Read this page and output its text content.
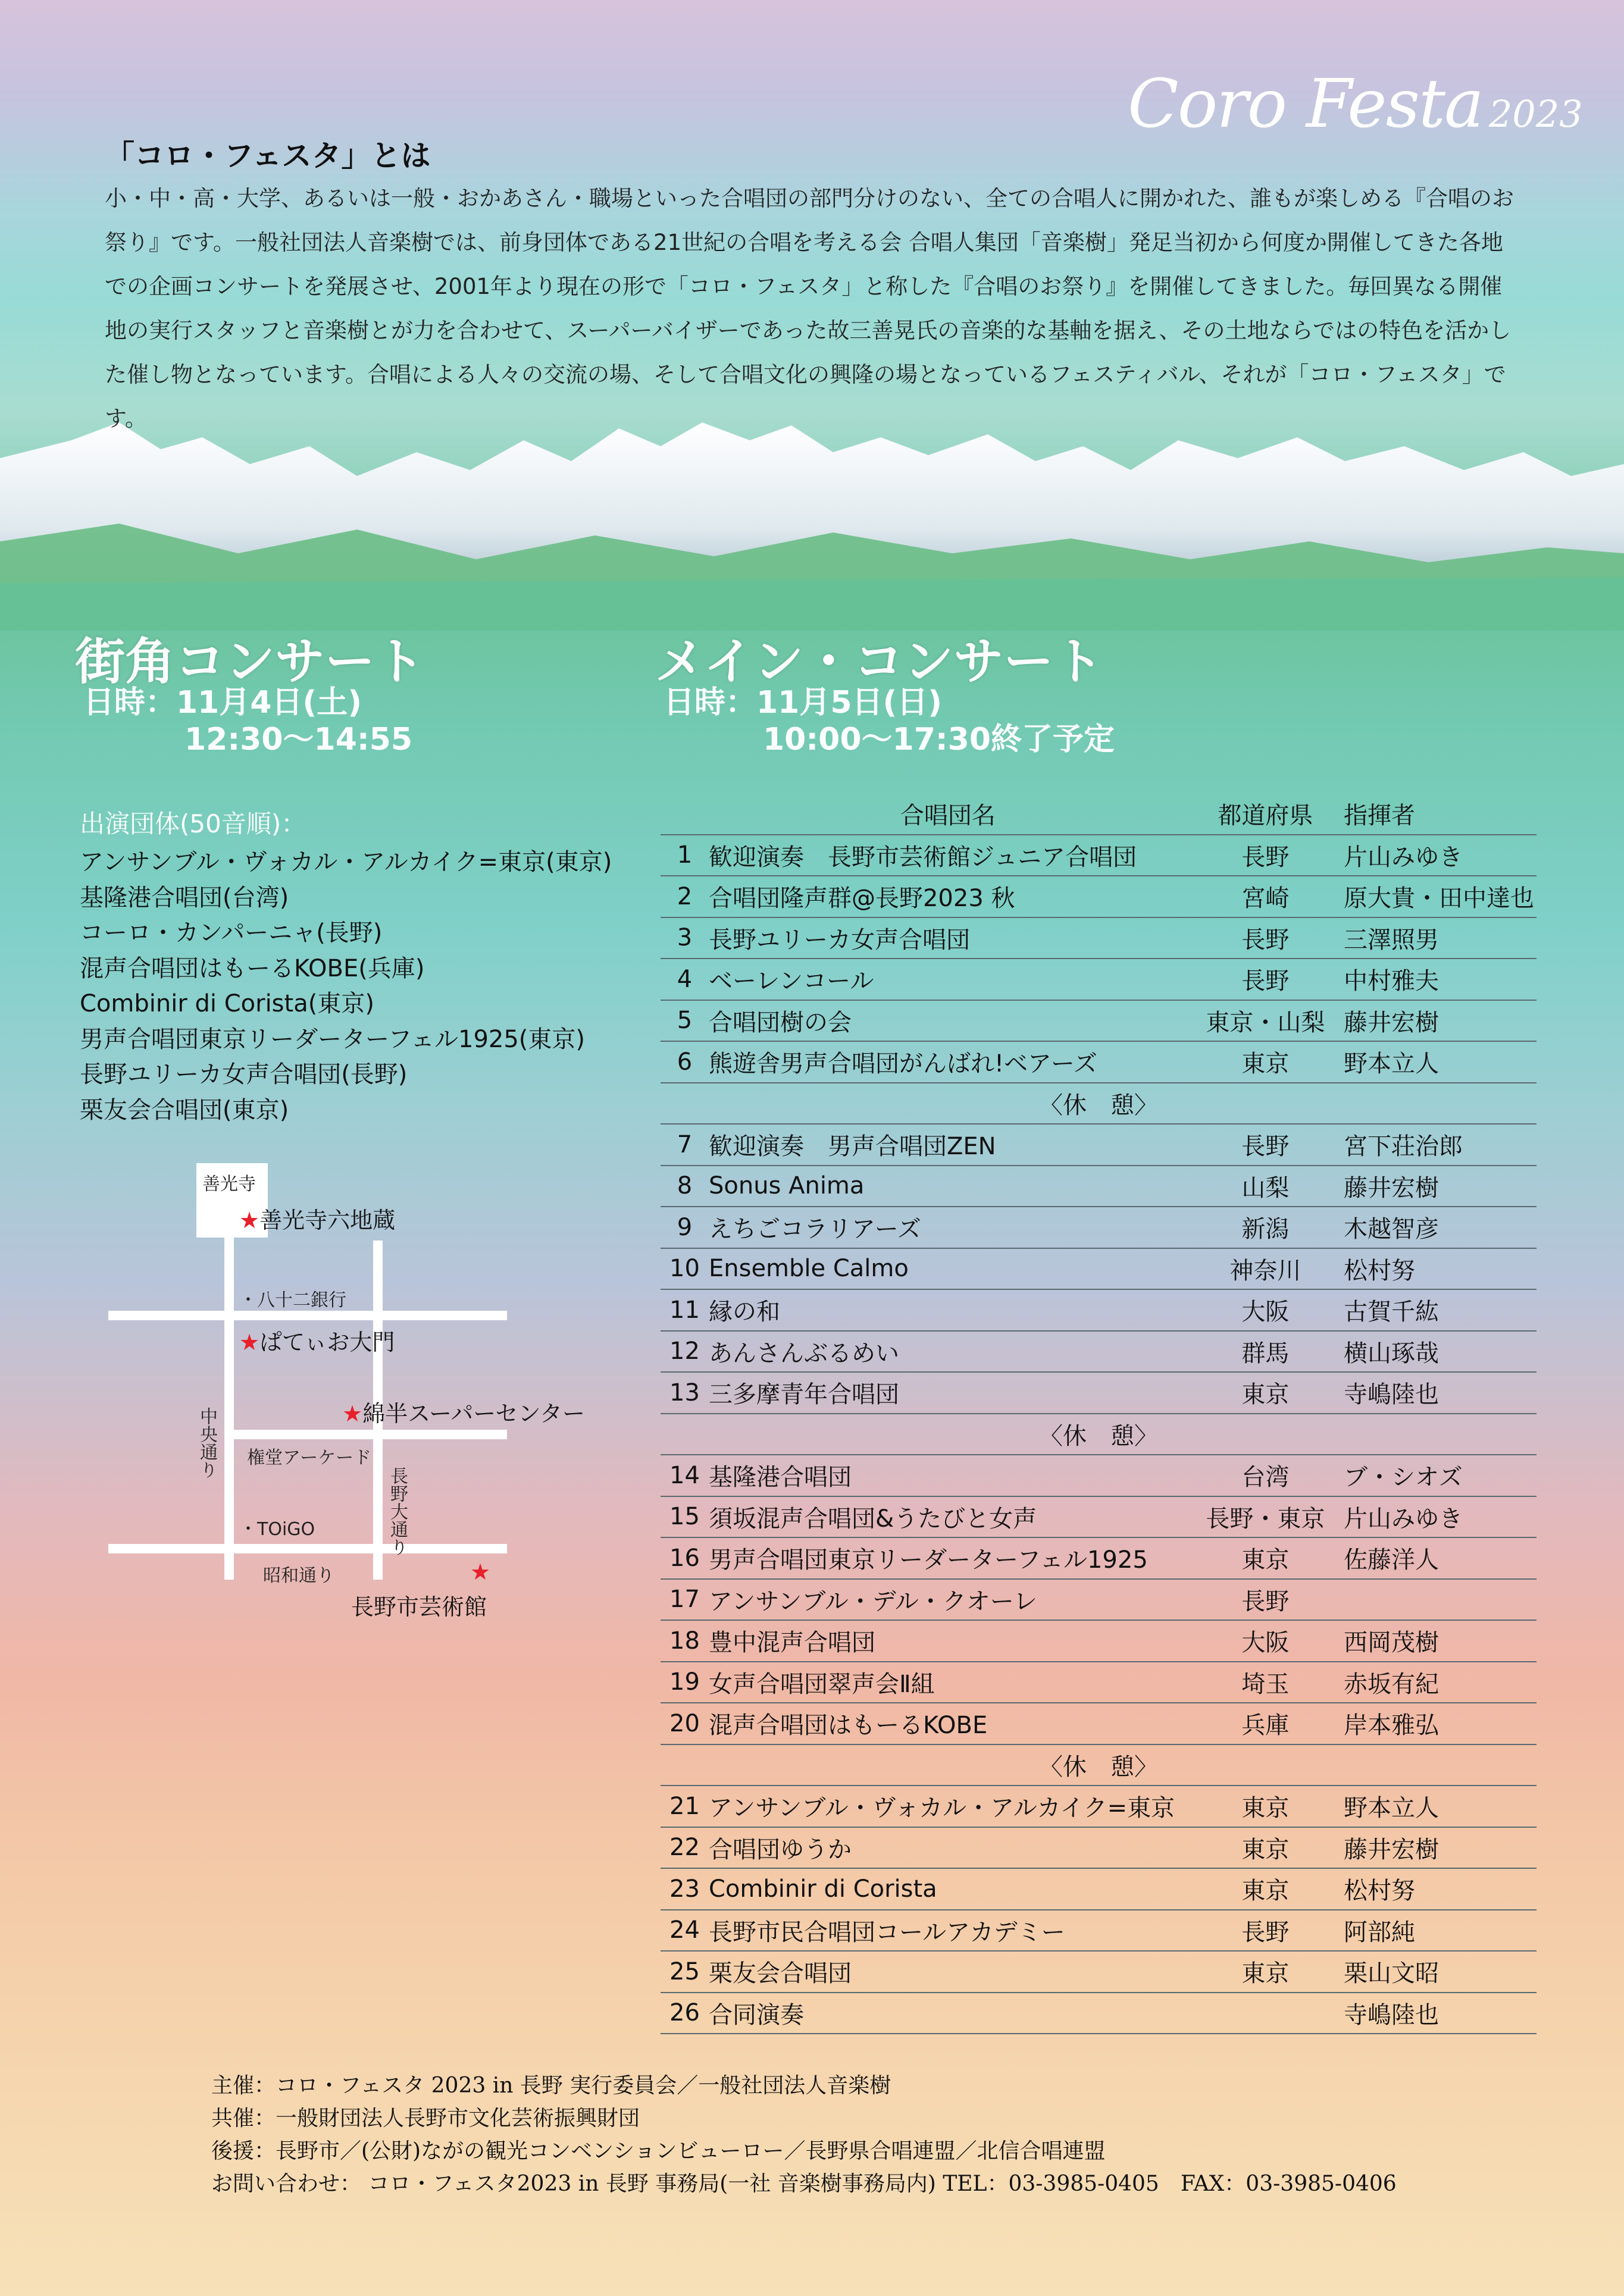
Coro Festa 2023
「コロ・フェスタ」とは

小・中・高・大学、あるいは一般・おかあさん・職場といった合唱団の部門分けのない、全ての合唱人に開かれた、誰もが楽しめる『合唱のお祭り』です。一般社団法人音楽樹では、前身団体である21世紀の合唱を考える会 合唱人集団「音楽樹」発足当初から何度か開催してきた各地での企画コンサートを発展させ、2001年より現在の形で「コロ・フェスタ」と称した『合唱のお祭り』を開催してきました。毎回異なる開催地の実行スタッフと音楽樹とが力を合わせて、スーパーバイザーであった故三善晃氏の音楽的な基軸を据え、その土地ならではの特色を活かした催し物となっています。合唱による人々の交流の場、そして合唱文化の興隆の場となっているフェスティバル、それが「コロ・フェスタ」です。

街角コンサート
日時：11月4日(土)
12:30～14:55
出演団体(50音順)：
アンサンブル・ヴォカル・アルカイク=東京(東京)
基隆港合唱団(台湾)
コーロ・カンパーニャ(長野)
混声合唱団はもーるKOBE(兵庫)
Combinir di Corista(東京)
男声合唱団東京リーダーターフェル1925(東京)
長野ユリーカ女声合唱団(長野)
栗友会合唱団(東京)
善光寺
★善光寺六地蔵
・八十二銀行
★ぱてぃお大門
★綿半スーパーセンター
中央通り 権堂アーケード
長野大通り
・TOiGO
昭和通り	★
長野市芸術館
メイン・コンサート
日時：11月5日(日)
10:00～17:30終了予定
	合唱団名	都道府県	指揮者
1	歓迎演奏　長野市芸術館ジュニア合唱団	長野	片山みゆき
2	合唱団隆声群@長野2023 秋	宮崎	原大貴・田中達也
3	長野ユリーカ女声合唱団	長野	三澤照男
4	ベーレンコール	長野	中村雅夫
5	合唱団樹の会	東京・山梨	藤井宏樹
6	熊遊舎男声合唱団がんばれ!ベアーズ	東京	野本立人
〈休　憩〉			
7	歓迎演奏　男声合唱団ZEN	長野	宮下荘治郎
8	Sonus Anima	山梨	藤井宏樹
9	えちごコラリアーズ	新潟	木越智彦
10	Ensemble Calmo	神奈川	松村努
11	縁の和	大阪	古賀千紘
12	あんさんぶるめい	群馬	横山琢哉
13	三多摩青年合唱団	東京	寺嶋陸也
〈休　憩〉			
14	基隆港合唱団	台湾	ブ・シオズ
15	須坂混声合唱団&うたびと女声	長野・東京	片山みゆき
16	男声合唱団東京リーダーターフェル1925	東京	佐藤洋人
17	アンサンブル・デル・クオーレ	長野	
18	豊中混声合唱団	大阪	西岡茂樹
19	女声合唱団翠声会Ⅱ組	埼玉	赤坂有紀
20	混声合唱団はもーるKOBE	兵庫	岸本雅弘
〈休　憩〉			
21	アンサンブル・ヴォカル・アルカイク=東京	東京	野本立人
22	合唱団ゆうか	東京	藤井宏樹
23	Combinir di Corista	東京	松村努
24	長野市民合唱団コールアカデミー	長野	阿部純
25	栗友会合唱団	東京	栗山文昭
26	合同演奏		寺嶋陸也
主催：コロ・フェスタ 2023 in 長野 実行委員会／一般社団法人音楽樹
共催：一般財団法人長野市文化芸術振興財団
後援：長野市／(公財)ながの観光コンベンションビューロー／長野県合唱連盟／北信合唱連盟
お問い合わせ： コロ・フェスタ2023 in 長野 事務局(一社 音楽樹事務局内) TEL：03-3985-0405　FAX：03-3985-0406
